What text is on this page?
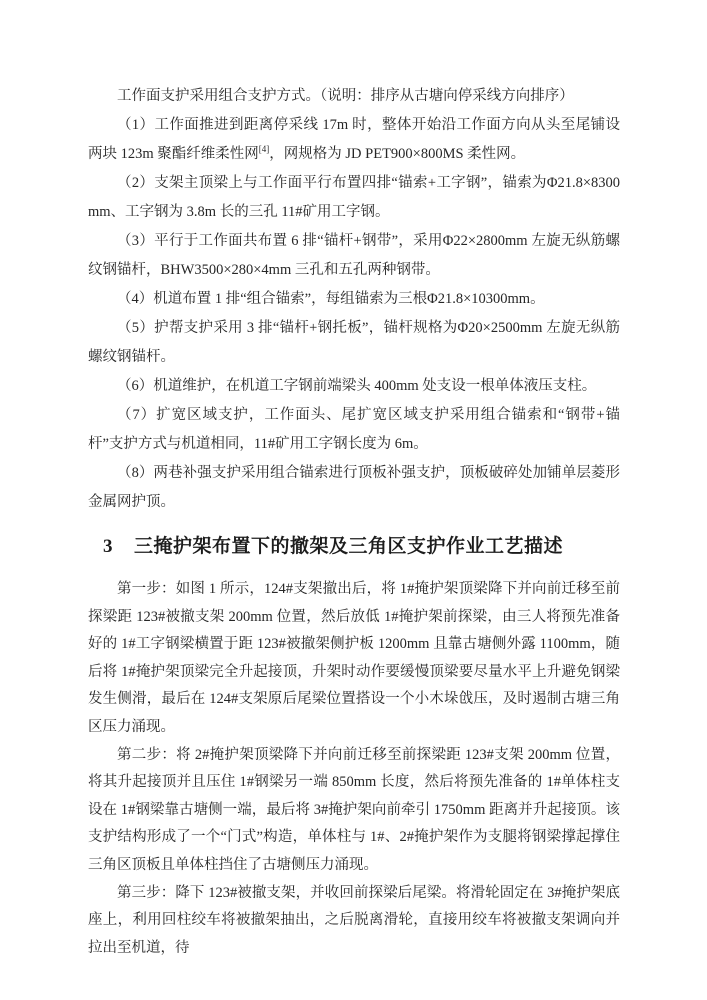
工作面支护采用组合支护方式。（说明：排序从古塘向停采线方向排序）

（1）工作面推进到距离停采线 17m 时，整体开始沿工作面方向从头至尾铺设两块 123m 聚酯纤维柔性网[4]，网规格为 JD PET900×800MS 柔性网。

（2）支架主顶梁上与工作面平行布置四排“锚索+工字钢”，锚索为Φ21.8×8300mm、工字钢为 3.8m 长的三孔 11#矿用工字钢。

（3）平行于工作面共布置 6 排“锚杆+钢带”，采用Φ22×2800mm 左旋无纵筋螺纹钢锚杆，BHW3500×280×4mm 三孔和五孔两种钢带。

（4）机道布置 1 排“组合锚索”，每组锚索为三根Φ21.8×10300mm。

（5）护帮支护采用 3 排“锚杆+钢托板”，锚杆规格为Φ20×2500mm 左旋无纵筋螺纹钢锚杆。

（6）机道维护，在机道工字钢前端梁头 400mm 处支设一根单体液压支柱。

（7）扩宽区域支护，工作面头、尾扩宽区域支护采用组合锚索和“钢带+锚杆”支护方式与机道相同，11#矿用工字钢长度为 6m。

（8）两巷补强支护采用组合锚索进行顶板补强支护，顶板破碎处加铺单层菱形金属网护顶。

3 三掩护架布置下的撤架及三角区支护作业工艺描述

第一步：如图 1 所示，124#支架撤出后，将 1#掩护架顶梁降下并向前迁移至前探梁距 123#被撤支架 200mm 位置，然后放低 1#掩护架前探梁，由三人将预先准备好的 1#工字钢梁横置于距 123#被撤架侧护板 1200mm 且靠古塘侧外露 1100mm，随后将 1#掩护架顶梁完全升起接顶，升架时动作要缓慢顶梁要尽量水平上升避免钢梁发生侧滑，最后在 124#支架原后尾梁位置搭设一个小木垛戗压，及时遏制古塘三角区压力涌现。

第二步：将 2#掩护架顶梁降下并向前迁移至前探梁距 123#支架 200mm 位置，将其升起接顶并且压住 1#钢梁另一端 850mm 长度，然后将预先准备的 1#单体柱支设在 1#钢梁靠古塘侧一端，最后将 3#掩护架向前牵引 1750mm 距离并升起接顶。该支护结构形成了一个“门式”构造，单体柱与 1#、2#掩护架作为支腿将钢梁撑起撑住三角区顶板且单体柱挡住了古塘侧压力涌现。

第三步：降下 123#被撤支架，并收回前探梁后尾梁。将滑轮固定在 3#掩护架底座上，利用回柱绞车将被撤架抽出，之后脱离滑轮，直接用绞车将被撤支架调向并拉出至机道，待
